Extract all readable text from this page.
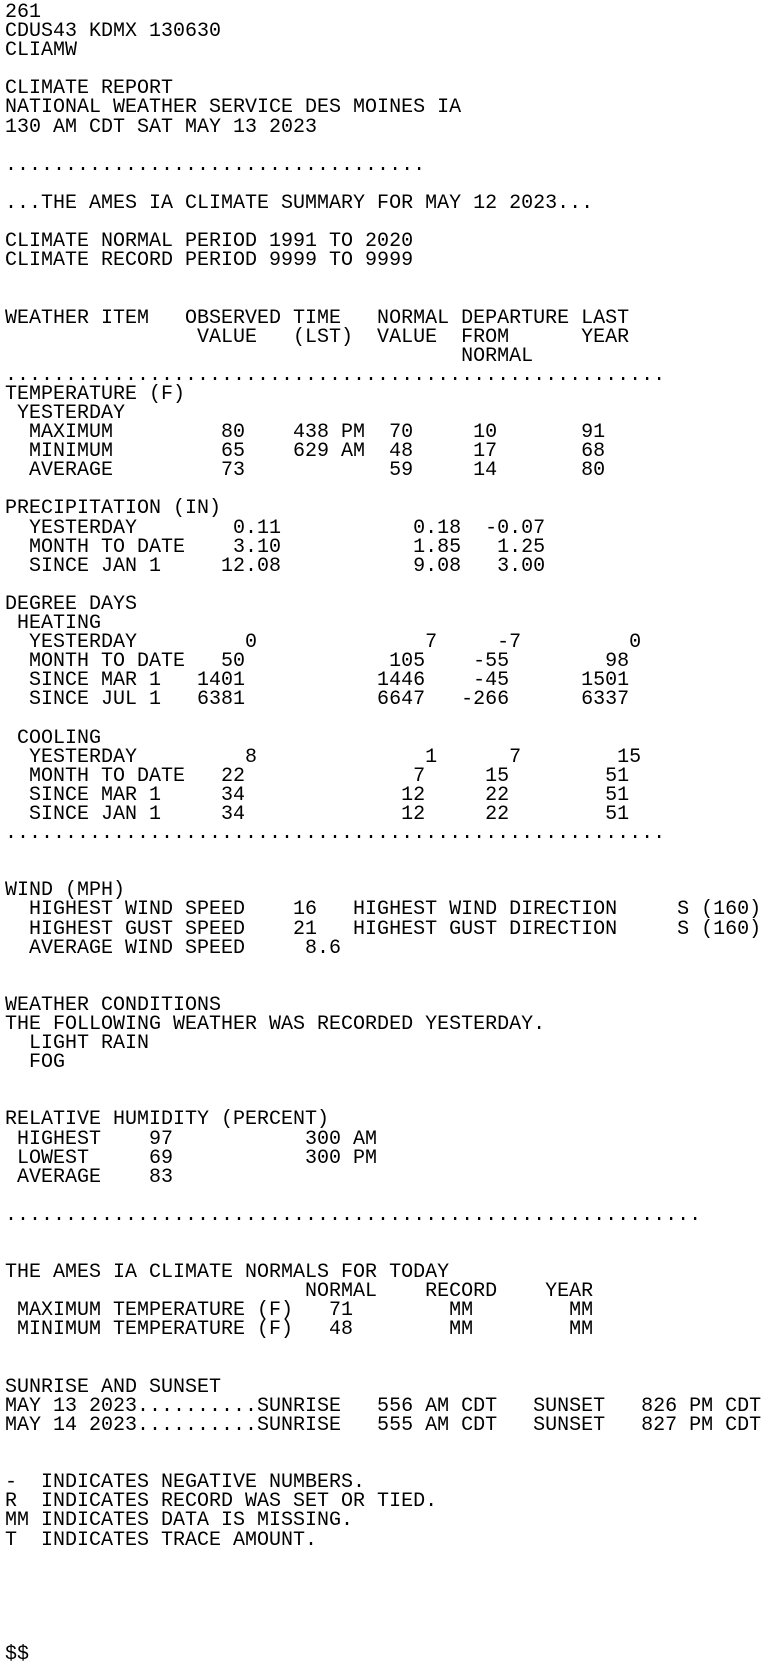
261
CDUS43 KDMX 130630
CLIAMW
CLIMATE REPORT
NATIONAL WEATHER SERVICE DES MOINES IA
130 AM CDT SAT MAY 13 2023
...................................
...THE AMES IA CLIMATE SUMMARY FOR MAY 12 2023...
CLIMATE NORMAL PERIOD 1991 TO 2020
CLIMATE RECORD PERIOD 9999 TO 9999
WEATHER ITEM   OBSERVED TIME   NORMAL DEPARTURE LAST
VALUE   (LST)  VALUE  FROM      YEAR
NORMAL
.......................................................
TEMPERATURE (F)
YESTERDAY
MAXIMUM         80    438 PM  70     10       91
MINIMUM         65    629 AM  48     17       68
AVERAGE         73            59     14       80
PRECIPITATION (IN)
YESTERDAY        0.11           0.18  -0.07
MONTH TO DATE    3.10           1.85   1.25
SINCE JAN 1     12.08           9.08   3.00
DEGREE DAYS
HEATING
YESTERDAY         0              7     -7         0
MONTH TO DATE   50            105    -55        98
SINCE MAR 1   1401           1446    -45      1501
SINCE JUL 1   6381           6647   -266      6337
COOLING
YESTERDAY         8              1      7        15
MONTH TO DATE   22              7     15        51
SINCE MAR 1     34             12     22        51
SINCE JAN 1     34             12     22        51
.......................................................
WIND (MPH)
HIGHEST WIND SPEED    16   HIGHEST WIND DIRECTION     S (160)
HIGHEST GUST SPEED    21   HIGHEST GUST DIRECTION     S (160)
AVERAGE WIND SPEED     8.6
WEATHER CONDITIONS
THE FOLLOWING WEATHER WAS RECORDED YESTERDAY.
LIGHT RAIN
FOG
RELATIVE HUMIDITY (PERCENT)
HIGHEST    97           300 AM
LOWEST     69           300 PM
AVERAGE    83
..........................................................
THE AMES IA CLIMATE NORMALS FOR TODAY
NORMAL    RECORD    YEAR
MAXIMUM TEMPERATURE (F)   71        MM        MM
MINIMUM TEMPERATURE (F)   48        MM        MM
SUNRISE AND SUNSET
MAY 13 2023..........SUNRISE   556 AM CDT   SUNSET   826 PM CDT
MAY 14 2023..........SUNRISE   555 AM CDT   SUNSET   827 PM CDT
-  INDICATES NEGATIVE NUMBERS.
R  INDICATES RECORD WAS SET OR TIED.
MM INDICATES DATA IS MISSING.
T  INDICATES TRACE AMOUNT.
$$
